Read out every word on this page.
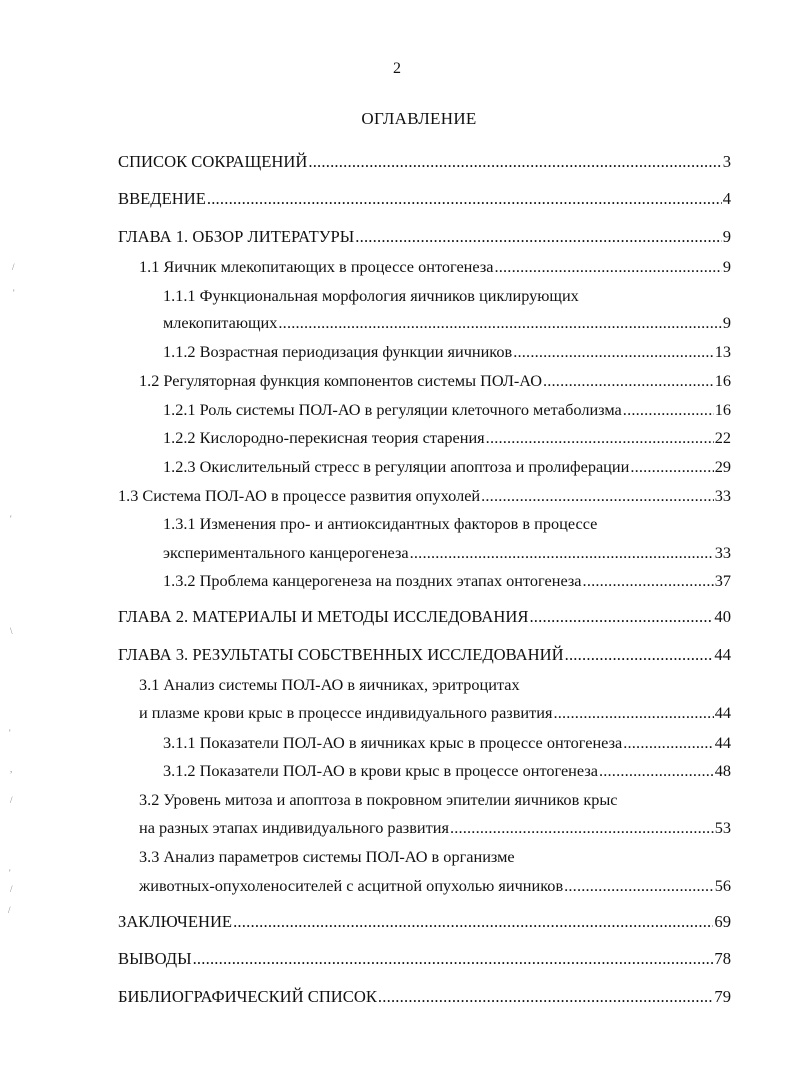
2
ОГЛАВЛЕНИЕ
СПИСОК СОКРАЩЕНИЙ .....	3
ВВЕДЕНИЕ .....	4
ГЛАВА 1. ОБЗОР ЛИТЕРАТУРЫ .....	9
1.1 Яичник млекопитающих в процессе онтогенеза .....	9
1.1.1 Функциональная морфология яичников циклирующих
млекопитающих .....	9
1.1.2 Возрастная периодизация функции яичников .....	13
1.2 Регуляторная функция компонентов системы ПОЛ-АО .....	16
1.2.1 Роль системы ПОЛ-АО в регуляции клеточного метаболизма .....	16
1.2.2 Кислородно-перекисная теория старения .....	22
1.2.3 Окислительный стресс в регуляции апоптоза и пролиферации .....	29
1.3 Система ПОЛ-АО в процессе развития опухолей .....	33
1.3.1 Изменения про- и антиоксидантных факторов в процессе
экспериментального канцерогенеза .....	33
1.3.2 Проблема канцерогенеза на поздних этапах онтогенеза .....	37
ГЛАВА 2. МАТЕРИАЛЫ И МЕТОДЫ ИССЛЕДОВАНИЯ .....	40
ГЛАВА 3. РЕЗУЛЬТАТЫ СОБСТВЕННЫХ ИССЛЕДОВАНИЙ .....	44
3.1 Анализ системы ПОЛ-АО в яичниках, эритроцитах
и плазме крови крыс в процессе индивидуального развития .....	44
3.1.1 Показатели ПОЛ-АО в яичниках крыс в процессе онтогенеза .....	44
3.1.2 Показатели ПОЛ-АО в крови крыс в процессе онтогенеза .....	48
3.2 Уровень митоза и апоптоза в покровном эпителии яичников крыс
на разных этапах индивидуального развития .....	53
3.3 Анализ параметров системы ПОЛ-АО в организме
животных-опухоленосителей с асцитной опухолью яичников .....	56
ЗАКЛЮЧЕНИЕ .....	69
ВЫВОДЫ .....	78
БИБЛИОГРАФИЧЕСКИЙ СПИСОК .....	79
/
'
'
\
'
,
/
'
/
/
